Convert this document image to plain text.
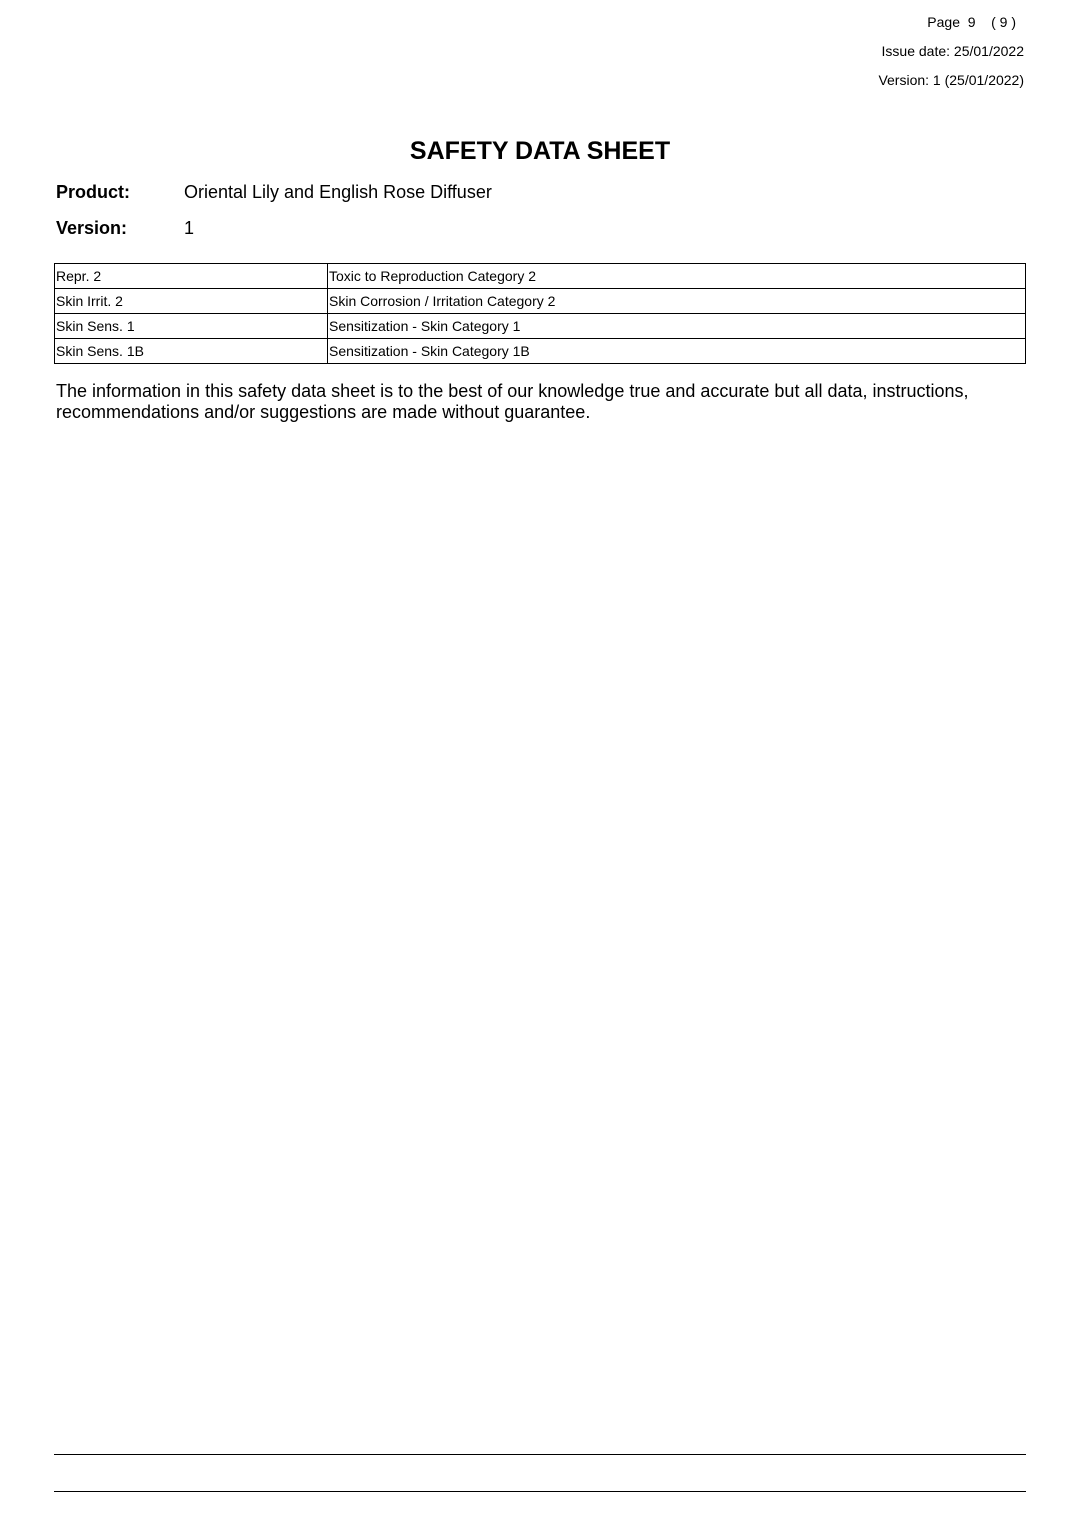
Page  9    ( 9 )
Issue date: 25/01/2022
Version: 1 (25/01/2022)
SAFETY DATA SHEET
Product:	Oriental Lily and English Rose Diffuser
Version:	1
Repr. 2	Toxic to Reproduction Category 2
Skin Irrit. 2	Skin Corrosion / Irritation Category 2
Skin Sens. 1	Sensitization - Skin Category 1
Skin Sens. 1B	Sensitization - Skin Category 1B
The information in this safety data sheet is to the best of our knowledge true and accurate but all data, instructions, recommendations and/or suggestions are made without guarantee.
